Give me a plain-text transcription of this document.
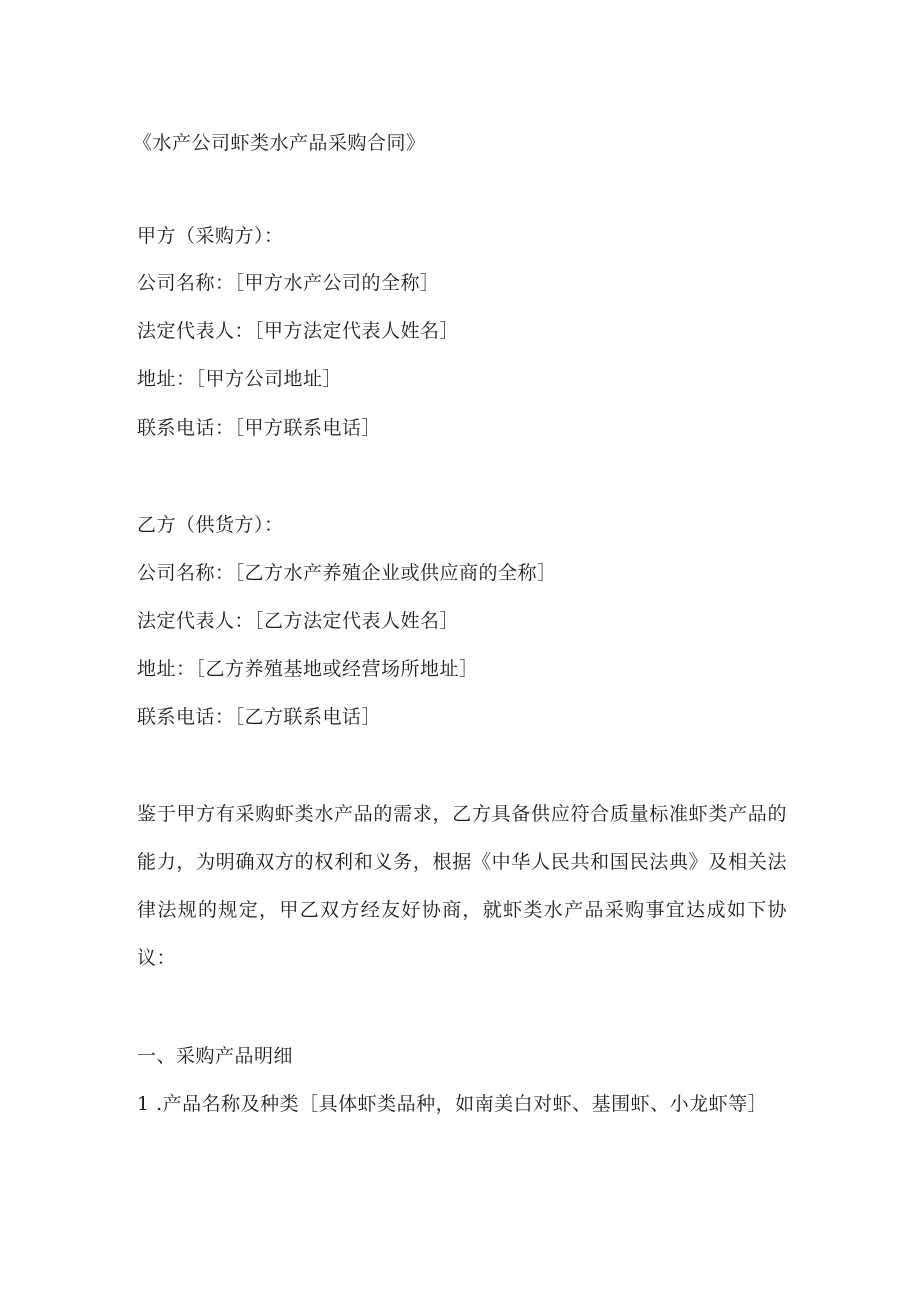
《水产公司虾类水产品采购合同》
甲方（采购方）：
公司名称：［甲方水产公司的全称］
法定代表人：［甲方法定代表人姓名］
地址：［甲方公司地址］
联系电话：［甲方联系电话］
乙方（供货方）：
公司名称：［乙方水产养殖企业或供应商的全称］
法定代表人：［乙方法定代表人姓名］
地址：［乙方养殖基地或经营场所地址］
联系电话：［乙方联系电话］
鉴于甲方有采购虾类水产品的需求，乙方具备供应符合质量标准虾类产品的能力，为明确双方的权利和义务，根据《中华人民共和国民法典》及相关法律法规的规定，甲乙双方经友好协商，就虾类水产品采购事宜达成如下协议：
一、采购产品明细
1 .产品名称及种类［具体虾类品种，如南美白对虾、基围虾、小龙虾等］
